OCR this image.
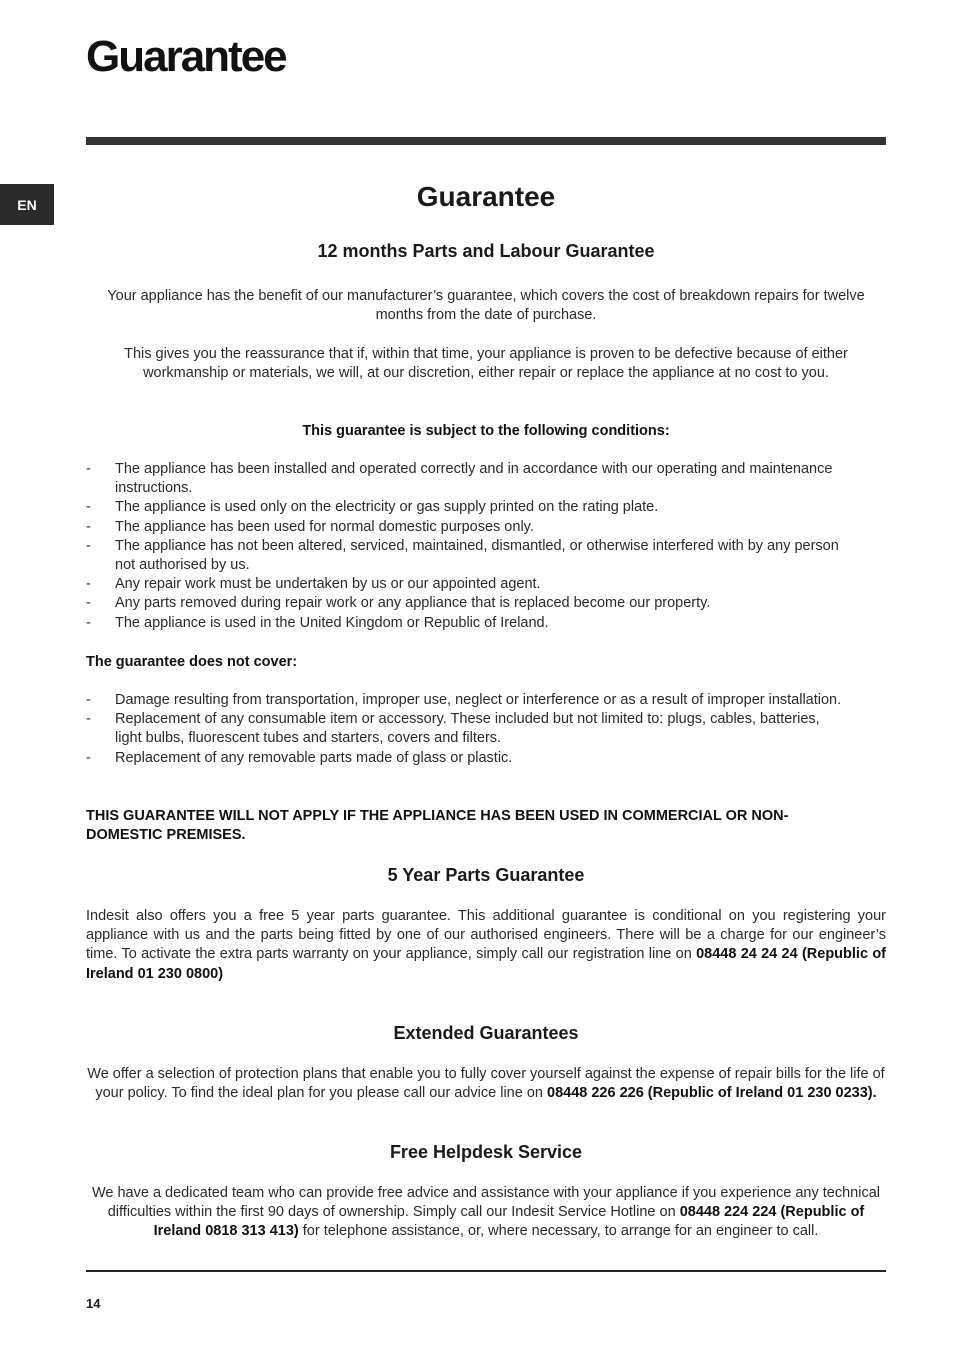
Guarantee
EN	Guarantee
12 months Parts and Labour Guarantee

Your appliance has the benefit of our manufacturer’s guarantee, which covers the cost of breakdown repairs for twelve months from the date of purchase.

This gives you the reassurance that if, within that time, your appliance is proven to be defective because of either workmanship or materials, we will, at our discretion, either repair or replace the appliance at no cost to you.

This guarantee is subject to the following conditions:

- The appliance has been installed and operated correctly and in accordance with our operating and maintenance instructions.
- The appliance is used only on the electricity or gas supply printed on the rating plate.
- The appliance has been used for normal domestic purposes only.
- The appliance has not been altered, serviced, maintained, dismantled, or otherwise interfered with by any person not authorised by us.
- Any repair work must be undertaken by us or our appointed agent.
- Any parts removed during repair work or any appliance that is replaced become our property.
- The appliance is used in the United Kingdom or Republic of Ireland.

The guarantee does not cover:

- Damage resulting from transportation, improper use, neglect or interference or as a result of improper installation.
- Replacement of any consumable item or accessory. These included but not limited to: plugs, cables, batteries, light bulbs, fluorescent tubes and starters, covers and filters.
- Replacement of any removable parts made of glass or plastic.

THIS GUARANTEE WILL NOT APPLY IF THE APPLIANCE HAS BEEN USED IN COMMERCIAL OR NON-DOMESTIC PREMISES.

5 Year Parts Guarantee

Indesit also offers you a free 5 year parts guarantee. This additional guarantee is conditional on you registering your appliance with us and the parts being fitted by one of our authorised engineers. There will be a charge for our engineer’s time. To activate the extra parts warranty on your appliance, simply call our registration line on 08448 24 24 24 (Republic of Ireland 01 230 0800)

Extended Guarantees

We offer a selection of protection plans that enable you to fully cover yourself against the expense of repair bills for the life of your policy. To find the ideal plan for you please call our advice line on 08448 226 226 (Republic of Ireland 01 230 0233).

Free Helpdesk Service

We have a dedicated team who can provide free advice and assistance with your appliance if you experience any technical difficulties within the first 90 days of ownership. Simply call our Indesit Service Hotline on 08448 224 224 (Republic of Ireland 0818 313 413) for telephone assistance, or, where necessary, to arrange for an engineer to call.

14
